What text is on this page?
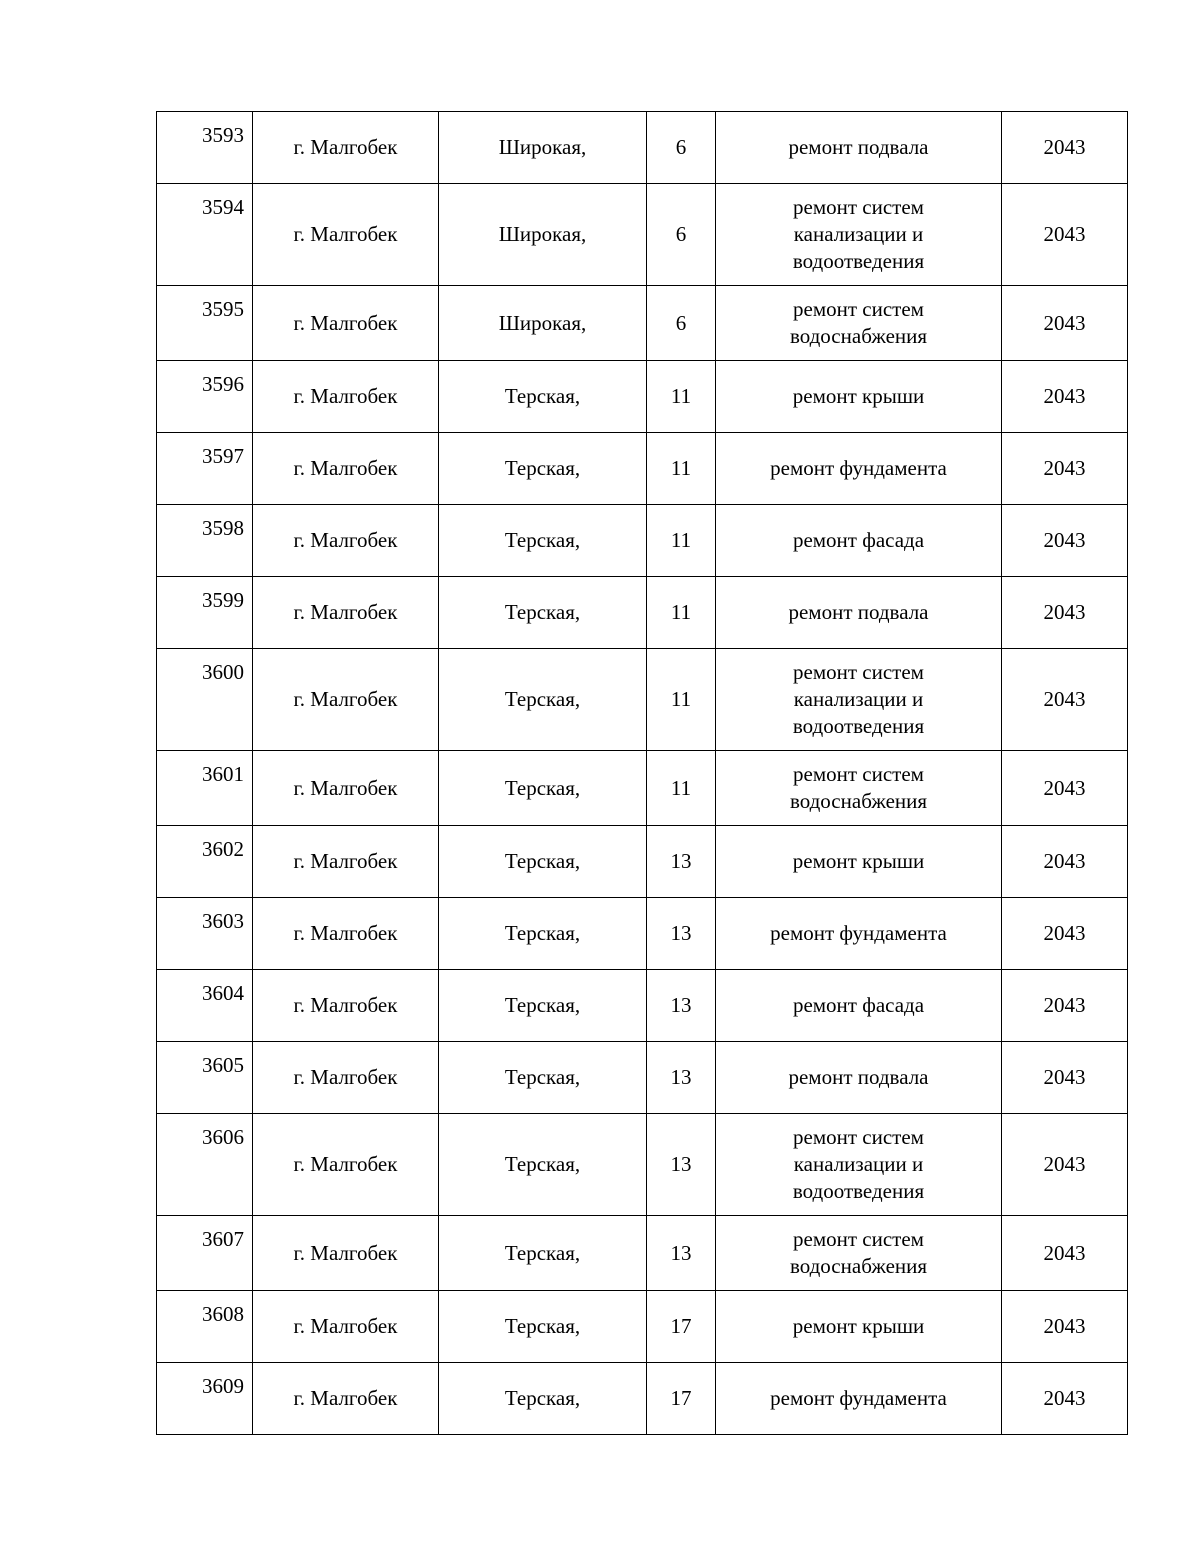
3593	г. Малгобек	Широкая,	6	ремонт подвала	2043
3594	г. Малгобек	Широкая,	6	ремонт систем
канализации и
водоотведения	2043
3595	г. Малгобек	Широкая,	6	ремонт систем
водоснабжения	2043
3596	г. Малгобек	Терская,	11	ремонт крыши	2043
3597	г. Малгобек	Терская,	11	ремонт фундамента	2043
3598	г. Малгобек	Терская,	11	ремонт фасада	2043
3599	г. Малгобек	Терская,	11	ремонт подвала	2043
3600	г. Малгобек	Терская,	11	ремонт систем
канализации и
водоотведения	2043
3601	г. Малгобек	Терская,	11	ремонт систем
водоснабжения	2043
3602	г. Малгобек	Терская,	13	ремонт крыши	2043
3603	г. Малгобек	Терская,	13	ремонт фундамента	2043
3604	г. Малгобек	Терская,	13	ремонт фасада	2043
3605	г. Малгобек	Терская,	13	ремонт подвала	2043
3606	г. Малгобек	Терская,	13	ремонт систем
канализации и
водоотведения	2043
3607	г. Малгобек	Терская,	13	ремонт систем
водоснабжения	2043
3608	г. Малгобек	Терская,	17	ремонт крыши	2043
3609	г. Малгобек	Терская,	17	ремонт фундамента	2043
